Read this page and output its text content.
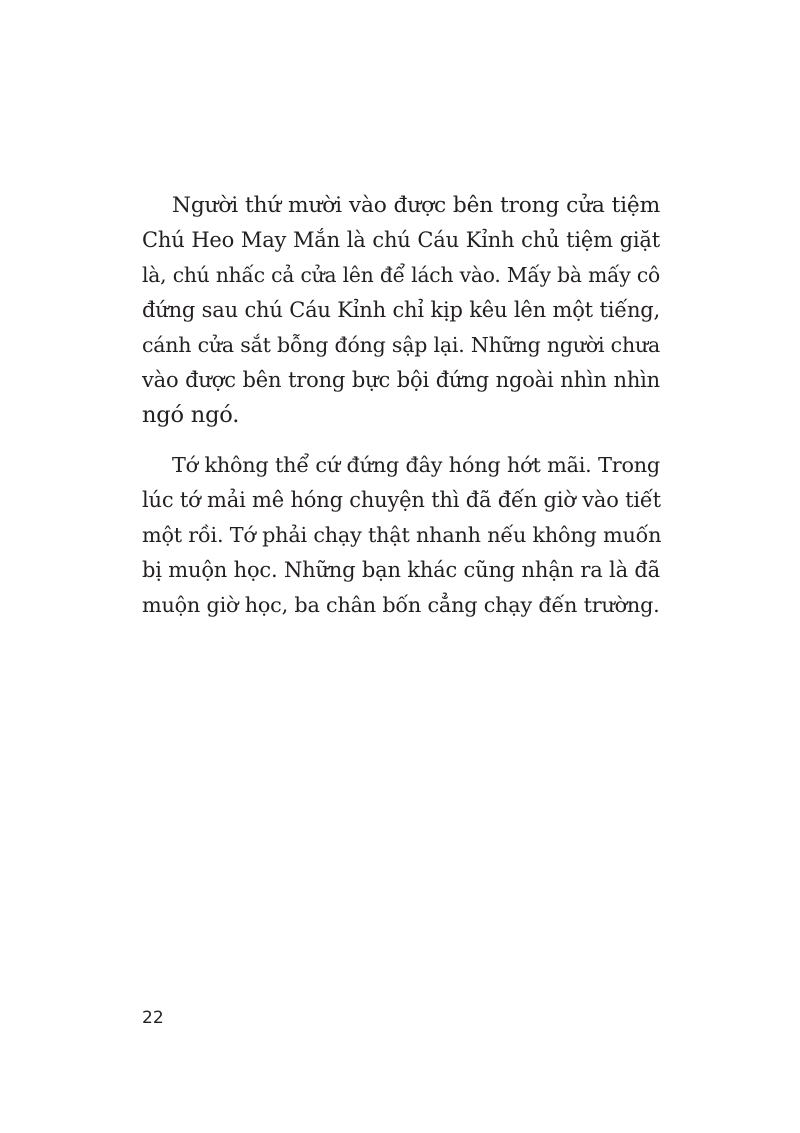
Người thứ mười vào được bên trong cửa tiệm
Chú Heo May Mắn là chú Cáu Kỉnh chủ tiệm giặt
là, chú nhấc cả cửa lên để lách vào. Mấy bà mấy cô
đứng sau chú Cáu Kỉnh chỉ kịp kêu lên một tiếng,
cánh cửa sắt bỗng đóng sập lại. Những người chưa
vào được bên trong bực bội đứng ngoài nhìn nhìn
ngó ngó.
Tớ không thể cứ đứng đây hóng hớt mãi. Trong
lúc tớ mải mê hóng chuyện thì đã đến giờ vào tiết
một rồi. Tớ phải chạy thật nhanh nếu không muốn
bị muộn học. Những bạn khác cũng nhận ra là đã
muộn giờ học, ba chân bốn cẳng chạy đến trường.
22
